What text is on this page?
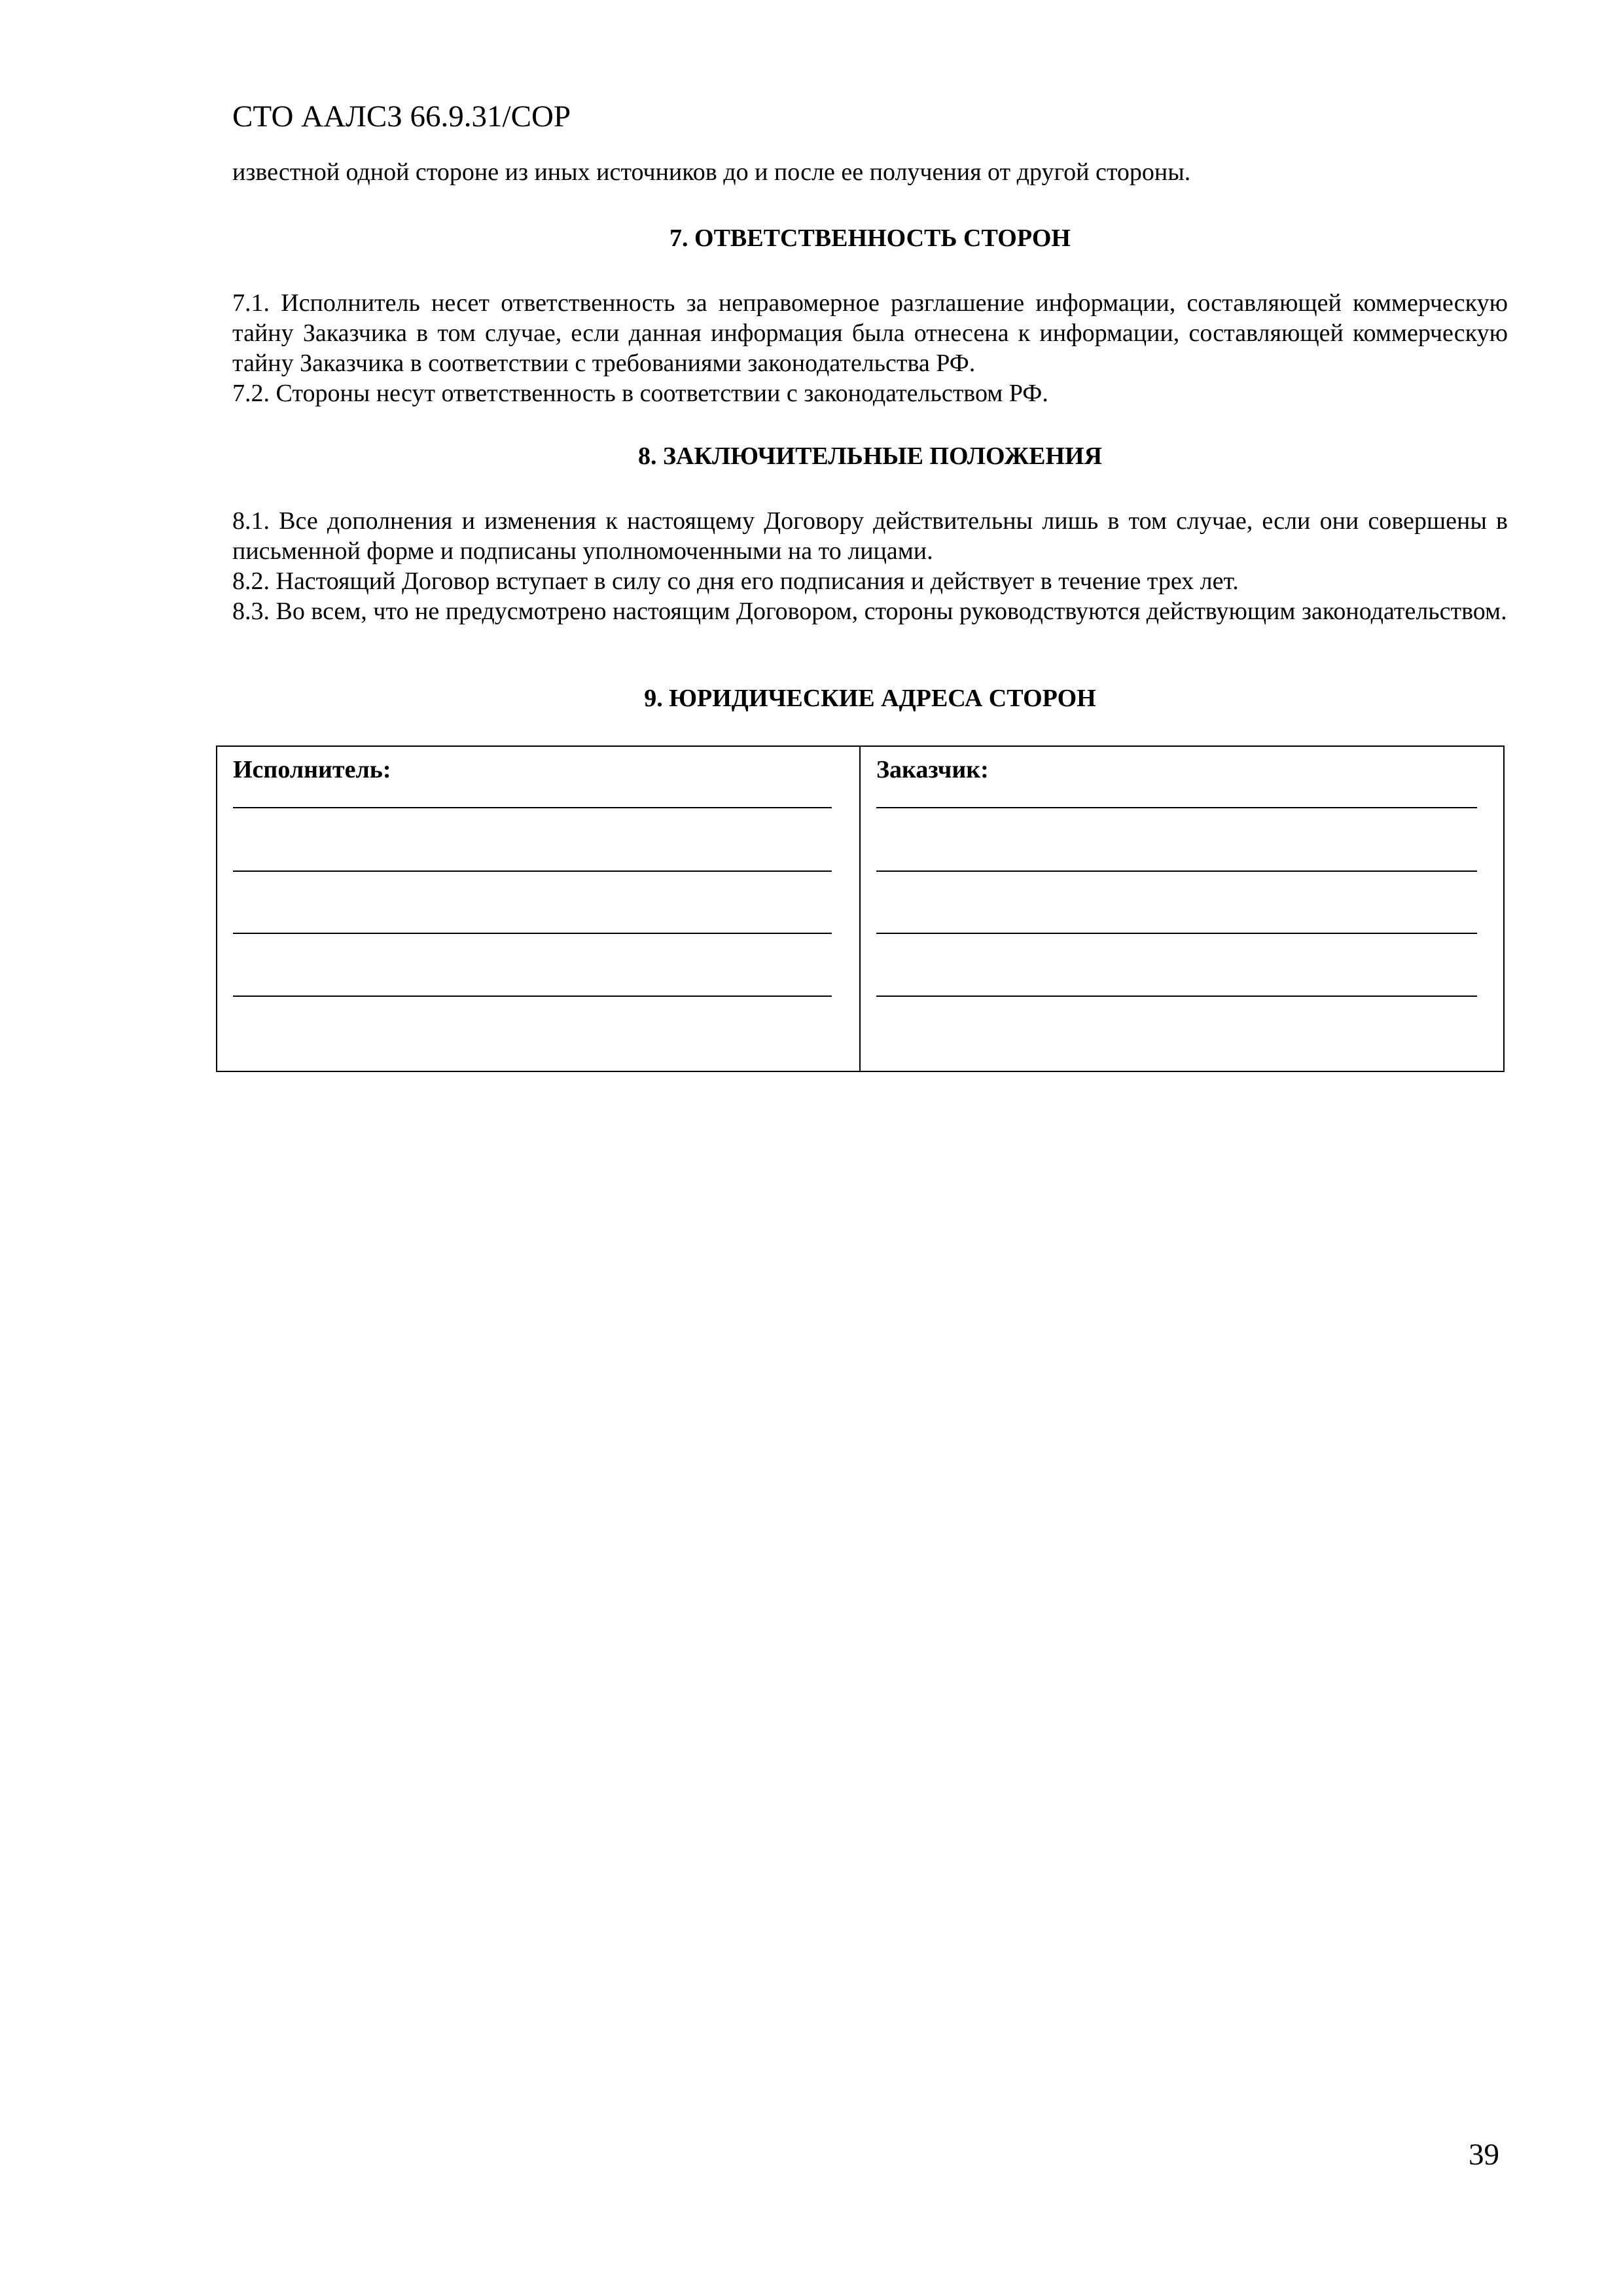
СТО ААЛСЗ 66.9.31/СОР
известной одной стороне из иных источников до и после ее получения от другой стороны.
7. ОТВЕТСТВЕННОСТЬ СТОРОН

7.1. Исполнитель несет ответственность за неправомерное разглашение информации, составляющей коммерческую тайну Заказчика в том случае, если данная информация была отнесена к информации, составляющей коммерческую тайну Заказчика в соответствии с требованиями законодательства РФ.

7.2. Стороны несут ответственность в соответствии с законодательством РФ.

8. ЗАКЛЮЧИТЕЛЬНЫЕ ПОЛОЖЕНИЯ

8.1. Все дополнения и изменения к настоящему Договору действительны лишь в том случае, если они совершены в письменной форме и подписаны уполномоченными на то лицами.

8.2. Настоящий Договор вступает в силу со дня его подписания и действует в течение трех лет.

8.3. Во всем, что не предусмотрено настоящим Договором, стороны руководствуются действующим законодательством.

9. ЮРИДИЧЕСКИЕ АДРЕСА СТОРОН
Исполнитель:	Заказчик:
39
